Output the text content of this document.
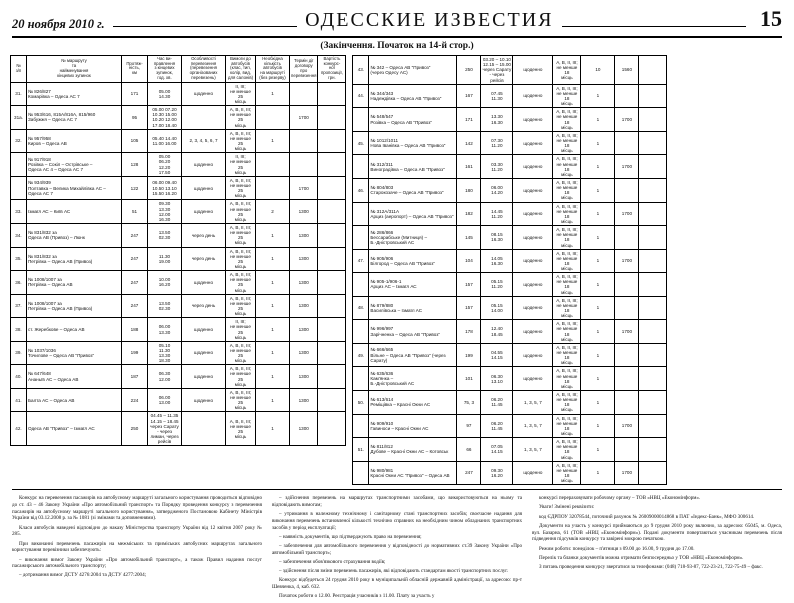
20 ноября 2010 г.	ОДЕССКИЕ ИЗВЕСТИЯ	15
(Закінчення. Початок на 14-й стор.)
№
з/п	№ маршруту
та
найменування
кінцевих зупинок	Протяж-
ність,
км	Час ви-
правлення
з кінцевих
зупинок,
год. хв.	Особливості
перевезення
(перевезення
організованих
перевезень)	Вимоги до
автобусів
(клас, тип,
колір, вид,
для салонів)	Необхідна
кількість
автобусів
на маршруті
(без резерву)	Термін дії
договору
про
перевезення	Вартість
конкурс-
ної
пропозиції,
грн.
31.	№ 826/827
Комарівка – Одеса АС 7	171	05.00
14.30	щоденно	II, III;
не менше 25
місць	1		
31a.	№ 953/616, 815А/816А, 815/960
Забужжя – Одеса АС 7	95	05.00 07.20
10.30 15.00
10.20 12.00
17.00 18.40		A, B, II, III;
не менше 25
місць		1700	
32.	№ 957/958
Киров – Одеса АВ	105	05.40 14.40
11.00 16.00	2, 3, 4, 5, 6, 7	A, B, II, III;
не менше 25
місць	1		
	№ 917/918
Розівка – Сокіл – Острівське –
Одеса АС 4 – Одеса АС 7	128	05.00
06.20
12.20
17.50	щоденно	II, III;
не менше 25
місць			
	№ 934/939
Полтавка – Велика Михайлівка АС –
Одеса АС 7	122	06.00 09.40
10.50 13.10
15.50 16.20	щоденно	A, B, II, III;
не менше 25
місць		1700	
33.	Ізмаїл АС – Київ АС	51	09.30
13.30
12.00
16.30	щоденно	A, B, II, III;
не менше 25
місць	2	1300	
34.	№ 831/832 за
Одеса АВ (Привоз) – Люнк	247	13.50
02.30	через день	A, B, II, III;
не менше 25
місць	1	1300	
35.	№ 831/832 за
Петрівка – Одеса АВ (Привоз)	247	11.30
19.00	через день	A, B, II, III;
не менше 25
місць	1	1300	
36.	№ 1008/1007 за
Петрівка – Одеса АВ	247	10.00
16.20	щоденно	A, B, II, III;
не менше 25
місць	1	1300	
37.	№ 1008/1007 за
Петрівка – Одеса АВ (Привоз)	247	13.50
02.30	через день	A, B, II, III;
не менше 25
місць	1	1300	
38.	ст. Жеребкове – Одеса АВ	188	06.00
13.30	щоденно	II, III;
не менше 25
місць	1	1300	
39.	№ 1037/1036
Точилове – Одеса АВ "Привоз"	199	05.10
11.30
13.30
18.30	щоденно	A, B, II, III;
не менше 25
місць	1	1300	
40.	№ 647/648
Ананьїв АС – Одеса АВ	187	06.30
12.00	щоденно	A, B, II, III;
не менше 25
місць	1	1300	
41.	Балта АС – Одеса АВ	224	06.00
13.00	щоденно	A, B, II, III;
не менше 25
місць	1	1300	
42.	Одеса АВ "Привоз" – Ізмаїл АС	250	04.45 – 11.35
14.15 – 18.45
через Сарату
- через
лиман, через
рейсів		A, B, II, III;
не менше 25
місць	1	1300	
43.	№ 342 – Одеса АВ "Привоз"
(через Одесу АС)	250	03.20 – 10.10
12.15 – 15.00
через Сарату
- через
рейсів	щоденно	A, B, II, III;
не менше 18
місць	10	1560	
44.	№ 344/343
Надеждівка – Одеса АВ "Привоз"	167	07.45
11.30	щоденно	A, B, II, III;
не менше 18
місць	1		
	№ 548/547
Розівка – Одеса АВ "Привоз"	171	13.30
16.30	щоденно	A, B, II, III;
не менше 18
місць	1	1700	
45.	№ 1012/1011
Нова Іванівка – Одеса АВ "Привоз"	142	07.30
11.20	щоденно	A, B, II, III;
не менше 18
місць	1		
	№ 312/311
Виноградівка – Одеса АВ "Привоз"	161	03.30
11.20	щоденно	A, B, II, III;
не менше 18
місць	1	1700	
46.	№ 804/803
Старокозаче – Одеса АВ "Привоз"	180	06.00
14.20	щоденно	A, B, II, III;
не менше 18
місць	1		
	№ 312A/311A
Арциз (аеропорт) – Одеса АВ "Привоз"	182	14.45
11.20	щоденно	A, B, II, III;
не менше 18
місць	1	1700	
	№ 286/866
Бессарабське (Митниця) –
Б.-Дністровський АС	145	08.15
16.30	щоденно	A, B, II, III;
не менше 18
місць	1		
47.	№ 905/906
Білгород – Одеса АВ "Привоз"	104	14.05
16.30	щоденно	A, B, II, III;
не менше 18
місць	1	1700	
	№ 905-1/906-1
Арциз АС – Ізмаїл АС	157	05.15
11.20	щоденно	A, B, II, III;
не менше 18
місць	1		
48.	№ 879/880
Василівська – Ізмаїл АС	157	05.15
14.00	щоденно	A, B, II, III;
не менше 18
місць	1		
	№ 996/997
Зарічненка – Одеса АВ "Привоз"	178	12.40
18.45	щоденно	A, B, II, III;
не менше 18
місць	1	1700	
49.	№ 666/665
Вільне – Одеса АВ "Привоз" (через
Сарату)	199	04.55
14.15	щоденно	A, B, II, III;
не менше 18
місць	1		
	№ 635/636
Кам'янка –
Б.-Дністровський АС	101	06.30
13.10	щоденно	A, B, II, III;
не менше 18
місць	1		
50.	№ 613/614
Реміщівка – Красні Окни АС	75, 3	06.20
11.45	1, 3, 5, 7	A, B, II, III;
не менше 18
місць	1		
	№ 909/910
Гавиноси – Красні Окни АС	97	06.20
11.45	1, 3, 5, 7	A, B, II, III;
не менше 18
місць	1	1700	
51.	№ 811/812
Дубове – Красні Окни АС – Котовськ	66	07.05
14.15	1, 3, 5, 7	A, B, II, III;
не менше 18
місць	1		
	№ 980/981
Красні Окни АС "Привоз" – Одеса АВ	247	09.30
16.20	щоденно	A, B, II, III;
не менше 18
місць	1	1700	

Конкурс на перевезення пасажирів на автобусному маршруті загального користування проводиться відповідно до ст. 43 – 46 Закону України «Про автомобільний транспорт» та Порядку проведення конкурсу з перевезення пасажирів на автобусному маршруті загального користування», затвердженого Постановою Кабінету Міністрів України від 03.12.2008 р. за № 1081 (зі змінами та доповненнями).

Класи автобусів наведені відповідно до наказу Міністерства транспорту України від 12 квітня 2007 року № 285.

При виконанні перевезень пасажирів на межміських та приміських автобусних маршрутах загального користування перевізники забезпечують:

– виконання вимог Закону України «Про автомобільний транспорт», а також Правил надання послуг пасажирського автомобільного транспорту;

– дотримання вимог ДСТУ 4276:2004 та ДСТУ 4277:2004;

– здійснення перевезень на маршрутах транспортними засобами, що використовуються на ньому та відповідають вимогам;

– утримання в належному технічному і санітарному стані транспортних засобів; своєчасне надання для виконання перевезень встановленої кількості технічно справних на необхідним чином обладнаних транспортних засобів у період експлуатації;

– наявність документів, що підтверджують право на перевезення;

– забезпечення для автомобільного перевезення у відповідності до нормативних ст.39 Закону України «Про автомобільний транспорт»;

– забезпечення обов'язкового страхування водіїв;

– здійснення після зміни перевезень пасажирів, які відповідають стандартам якості транспортних послуг.

Конкурс відбудеться 24 грудня 2010 року в муніципальній обласній державній адміністрації, за адресою: пр-т Шевченка, 4, каб. 632.

Початок роботи о 12.00. Реєстрація учасників з 11.00. Плату за участь у

конкурсі перераховувати робочому органу – ТОВ «НВЦ «Економінформ».

Уваги! Змінені реквізити:

код ЄДРПОУ 32078544, поточний рахунок № 26009000014868 в ПАТ «Індекс-Банк», МФО 300614.

Документи на участь у конкурсі приймаються до 9 грудня 2010 року включно, за адресою: 65045, м. Одеса, вул. Базарна, 61 (ТОВ «НВЦ «Економінформ»). Подані документи повертаються учасникам перевезень після підведення підсумків конкурсу та завірені мокрою печаткою.

Режим роботи: понеділок – п'ятниця з 09.00 до 16.00, 9 грудня до 17.00.

Перелік та бланки документів можна отримати безпосередньо у ТОВ «НВЦ «Економінформ».

З питань проведення конкурсу звертатися за телефонами: (048) 718-93-87, 722-23-21, 722-75-49 – факс.
